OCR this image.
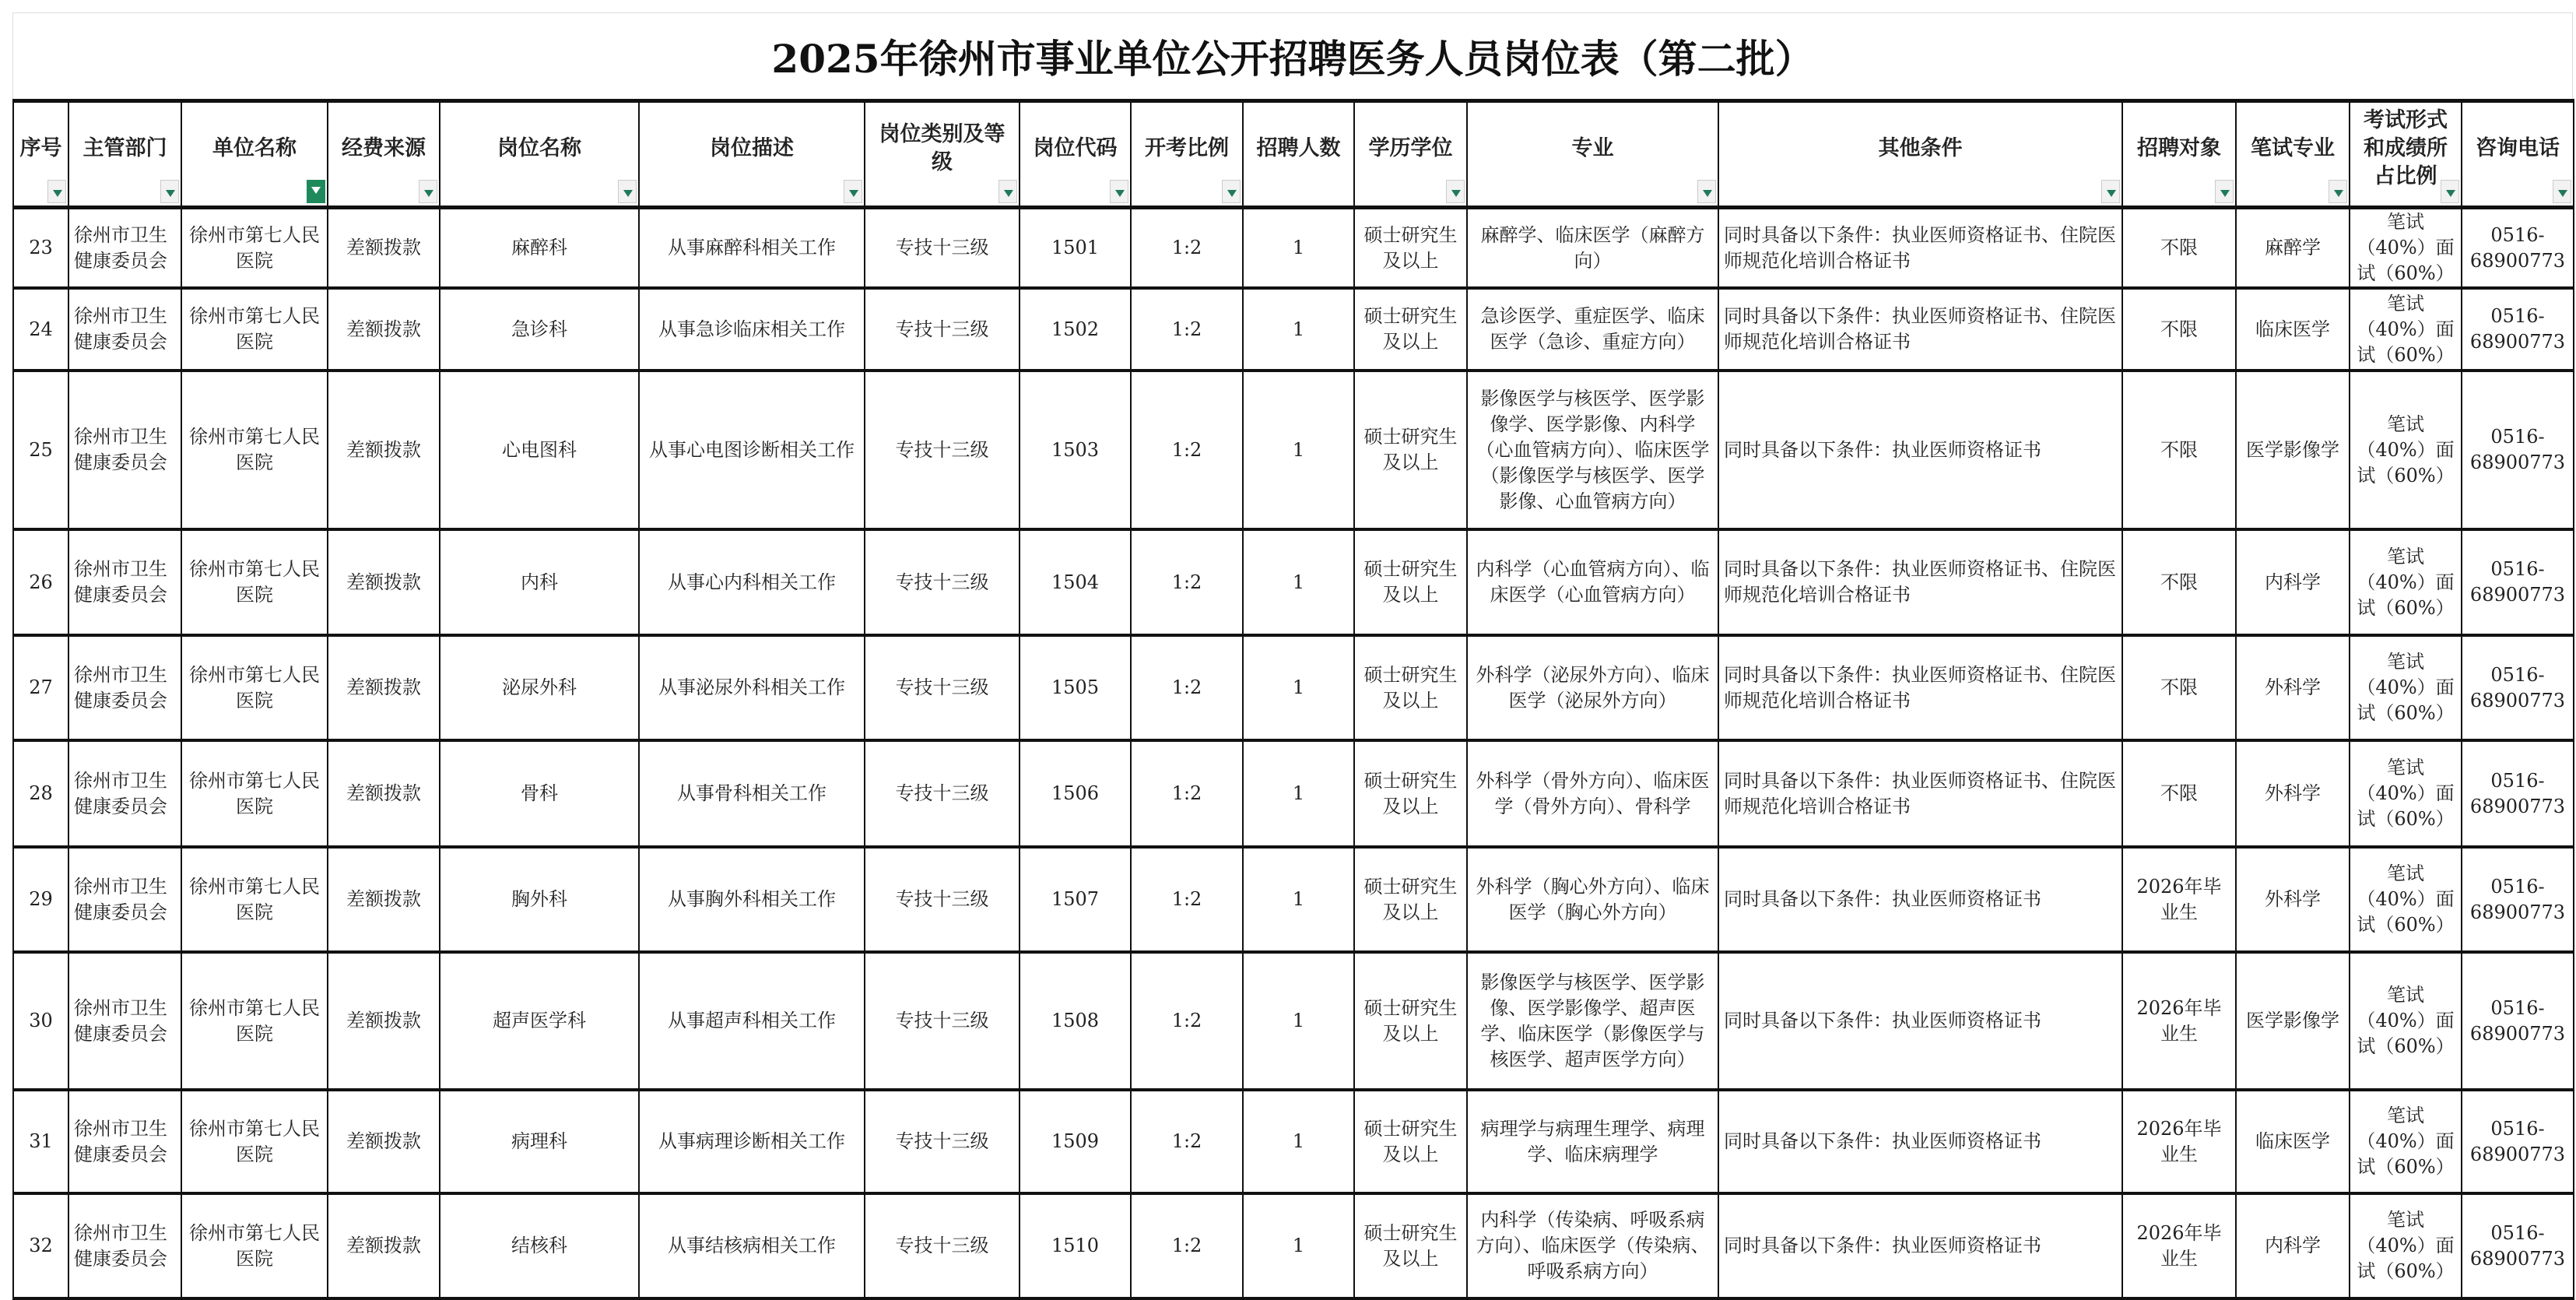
2025年徐州市事业单位公开招聘医务人员岗位表（第二批）
序号	主管部门	单位名称	经费来源	岗位名称	岗位描述	岗位类别及等级	岗位代码	开考比例	招聘人数	学历学位	专业	其他条件	招聘对象	笔试专业	考试形式和成绩所占比例	咨询电话

23	徐州市卫生健康委员会	徐州市第七人民医院	差额拨款	麻醉科	从事麻醉科相关工作	专技十三级	1501	1:2	1	硕士研究生及以上	麻醉学、临床医学（麻醉方向）	同时具备以下条件：执业医师资格证书、住院医师规范化培训合格证书	不限	麻醉学	笔试（40%）面试（60%）	0516-68900773
24	徐州市卫生健康委员会	徐州市第七人民医院	差额拨款	急诊科	从事急诊临床相关工作	专技十三级	1502	1:2	1	硕士研究生及以上	急诊医学、重症医学、临床医学（急诊、重症方向）	同时具备以下条件：执业医师资格证书、住院医师规范化培训合格证书	不限	临床医学	笔试（40%）面试（60%）	0516-68900773
25	徐州市卫生健康委员会	徐州市第七人民医院	差额拨款	心电图科	从事心电图诊断相关工作	专技十三级	1503	1:2	1	硕士研究生及以上	影像医学与核医学、医学影像学、医学影像、内科学（心血管病方向）、临床医学（影像医学与核医学、医学影像、心血管病方向）	同时具备以下条件：执业医师资格证书	不限	医学影像学	笔试（40%）面试（60%）	0516-68900773
26	徐州市卫生健康委员会	徐州市第七人民医院	差额拨款	内科	从事心内科相关工作	专技十三级	1504	1:2	1	硕士研究生及以上	内科学（心血管病方向）、临床医学（心血管病方向）	同时具备以下条件：执业医师资格证书、住院医师规范化培训合格证书	不限	内科学	笔试（40%）面试（60%）	0516-68900773
27	徐州市卫生健康委员会	徐州市第七人民医院	差额拨款	泌尿外科	从事泌尿外科相关工作	专技十三级	1505	1:2	1	硕士研究生及以上	外科学（泌尿外方向）、临床医学（泌尿外方向）	同时具备以下条件：执业医师资格证书、住院医师规范化培训合格证书	不限	外科学	笔试（40%）面试（60%）	0516-68900773
28	徐州市卫生健康委员会	徐州市第七人民医院	差额拨款	骨科	从事骨科相关工作	专技十三级	1506	1:2	1	硕士研究生及以上	外科学（骨外方向）、临床医学（骨外方向）、骨科学	同时具备以下条件：执业医师资格证书、住院医师规范化培训合格证书	不限	外科学	笔试（40%）面试（60%）	0516-68900773
29	徐州市卫生健康委员会	徐州市第七人民医院	差额拨款	胸外科	从事胸外科相关工作	专技十三级	1507	1:2	1	硕士研究生及以上	外科学（胸心外方向）、临床医学（胸心外方向）	同时具备以下条件：执业医师资格证书	2026年毕业生	外科学	笔试（40%）面试（60%）	0516-68900773
30	徐州市卫生健康委员会	徐州市第七人民医院	差额拨款	超声医学科	从事超声科相关工作	专技十三级	1508	1:2	1	硕士研究生及以上	影像医学与核医学、医学影像、医学影像学、超声医学、临床医学（影像医学与核医学、超声医学方向）	同时具备以下条件：执业医师资格证书	2026年毕业生	医学影像学	笔试（40%）面试（60%）	0516-68900773
31	徐州市卫生健康委员会	徐州市第七人民医院	差额拨款	病理科	从事病理诊断相关工作	专技十三级	1509	1:2	1	硕士研究生及以上	病理学与病理生理学、病理学、临床病理学	同时具备以下条件：执业医师资格证书	2026年毕业生	临床医学	笔试（40%）面试（60%）	0516-68900773
32	徐州市卫生健康委员会	徐州市第七人民医院	差额拨款	结核科	从事结核病相关工作	专技十三级	1510	1:2	1	硕士研究生及以上	内科学（传染病、呼吸系病方向）、临床医学（传染病、呼吸系病方向）	同时具备以下条件：执业医师资格证书	2026年毕业生	内科学	笔试（40%）面试（60%）	0516-68900773
